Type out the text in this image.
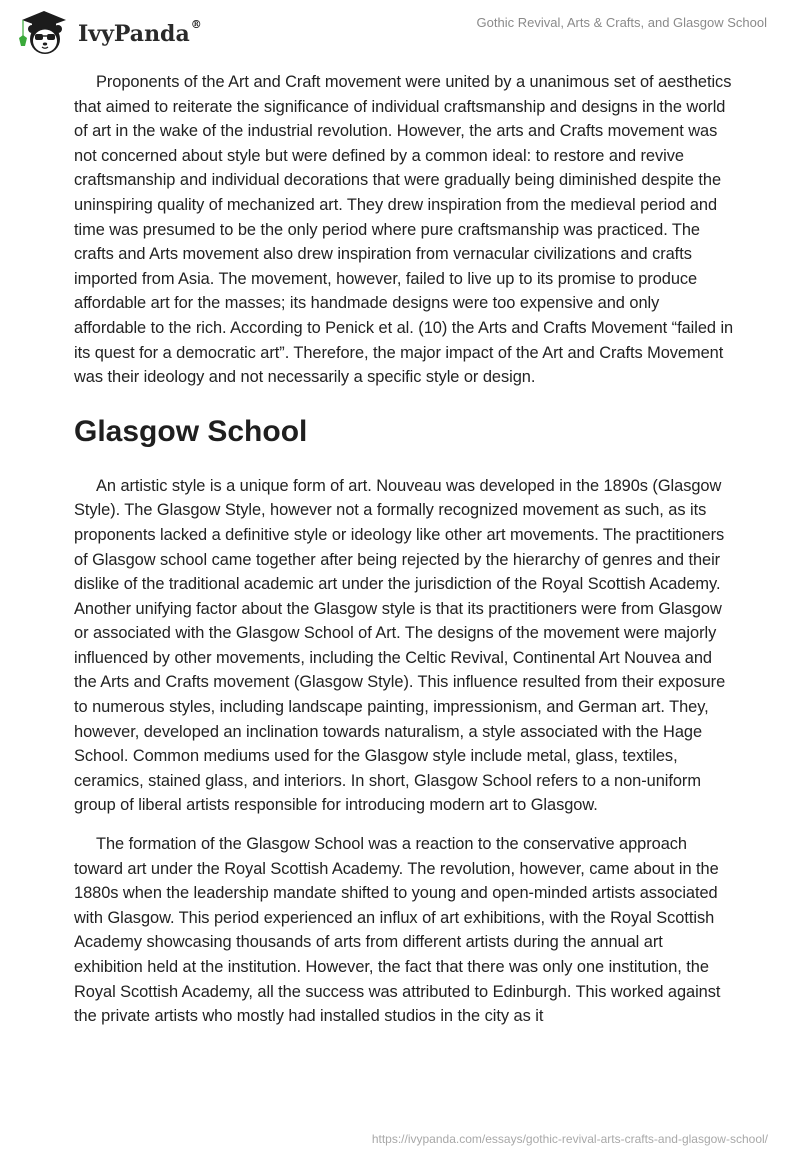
IvyPanda®	Gothic Revival, Arts & Crafts, and Glasgow School

Proponents of the Art and Craft movement were united by a unanimous set of aesthetics that aimed to reiterate the significance of individual craftsmanship and designs in the world of art in the wake of the industrial revolution. However, the arts and Crafts movement was not concerned about style but were defined by a common ideal: to restore and revive craftsmanship and individual decorations that were gradually being diminished despite the uninspiring quality of mechanized art. They drew inspiration from the medieval period and time was presumed to be the only period where pure craftsmanship was practiced. The crafts and Arts movement also drew inspiration from vernacular civilizations and crafts imported from Asia. The movement, however, failed to live up to its promise to produce affordable art for the masses; its handmade designs were too expensive and only affordable to the rich. According to Penick et al. (10) the Arts and Crafts Movement “failed in its quest for a democratic art”. Therefore, the major impact of the Art and Crafts Movement was their ideology and not necessarily a specific style or design.

Glasgow School

An artistic style is a unique form of art. Nouveau was developed in the 1890s (Glasgow Style). The Glasgow Style, however not a formally recognized movement as such, as its proponents lacked a definitive style or ideology like other art movements. The practitioners of Glasgow school came together after being rejected by the hierarchy of genres and their dislike of the traditional academic art under the jurisdiction of the Royal Scottish Academy. Another unifying factor about the Glasgow style is that its practitioners were from Glasgow or associated with the Glasgow School of Art. The designs of the movement were majorly influenced by other movements, including the Celtic Revival, Continental Art Nouvea and the Arts and Crafts movement (Glasgow Style). This influence resulted from their exposure to numerous styles, including landscape painting, impressionism, and German art. They, however, developed an inclination towards naturalism, a style associated with the Hage School. Common mediums used for the Glasgow style include metal, glass, textiles, ceramics, stained glass, and interiors. In short, Glasgow School refers to a non-uniform group of liberal artists responsible for introducing modern art to Glasgow.

The formation of the Glasgow School was a reaction to the conservative approach toward art under the Royal Scottish Academy. The revolution, however, came about in the 1880s when the leadership mandate shifted to young and open-minded artists associated with Glasgow. This period experienced an influx of art exhibitions, with the Royal Scottish Academy showcasing thousands of arts from different artists during the annual art exhibition held at the institution. However, the fact that there was only one institution, the Royal Scottish Academy, all the success was attributed to Edinburgh. This worked against the private artists who mostly had installed studios in the city as it

https://ivypanda.com/essays/gothic-revival-arts-crafts-and-glasgow-school/
